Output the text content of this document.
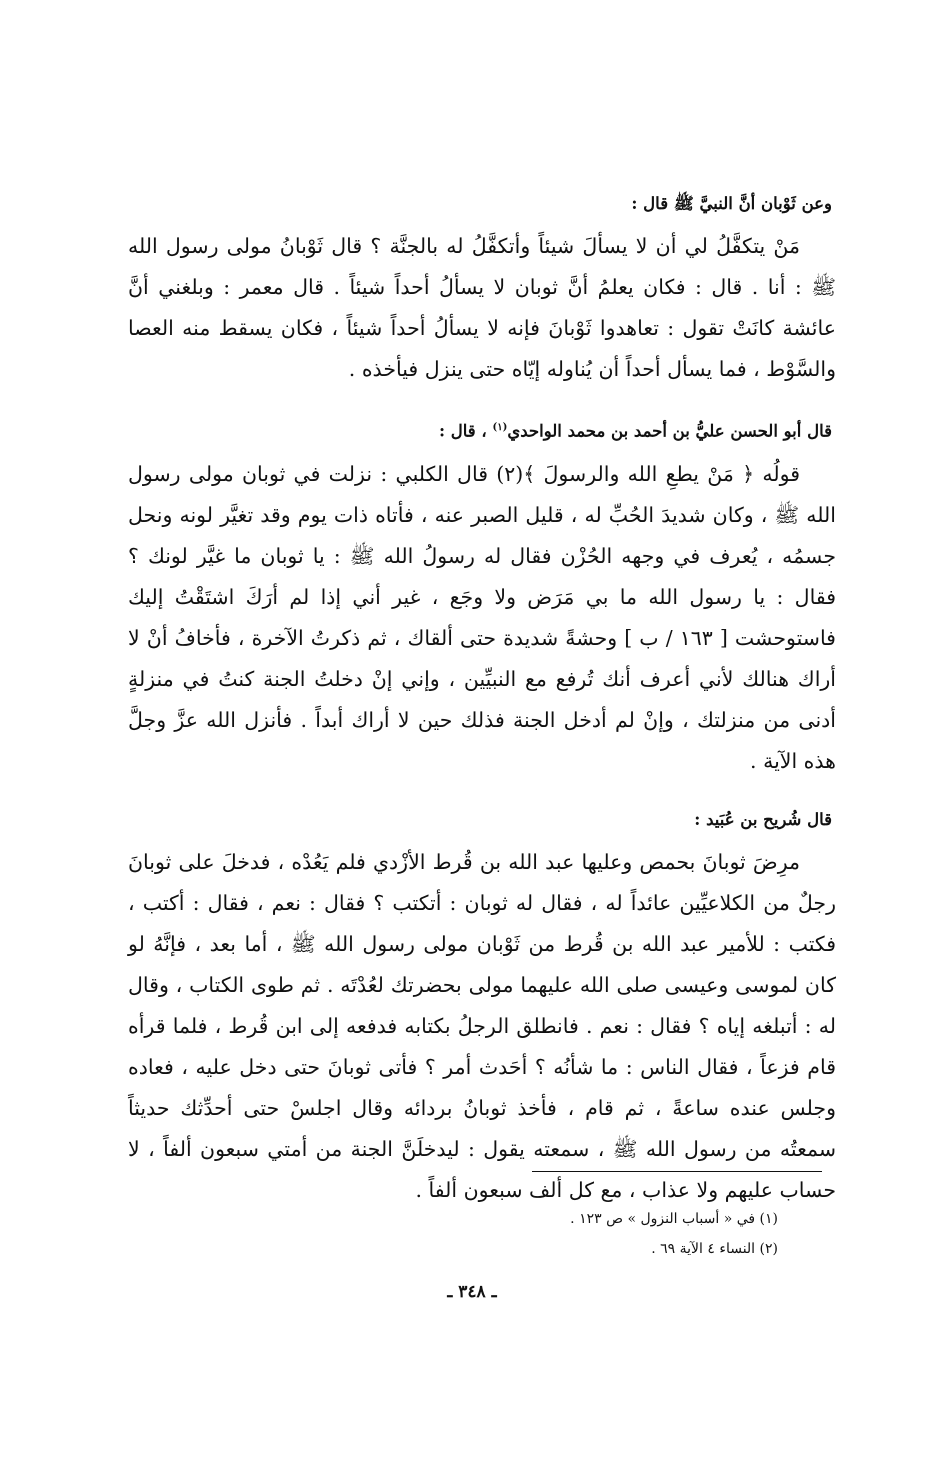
وعن ثَوْبان أنَّ النبيَّ ﷺ قال :

مَنْ يتكفَّلُ لي أن لا يسألَ شيئاً وأتكفَّلُ له بالجنَّة ؟ قال ثَوْبانُ مولى رسول الله ﷺ : أنا . قال : فكان يعلمُ أنَّ ثوبان لا يسألُ أحداً شيئاً . قال معمر : وبلغني أنَّ عائشة كانَتْ تقول : تعاهدوا ثَوْبانَ فإنه لا يسألُ أحداً شيئاً ، فكان يسقط منه العصا والسَّوْط ، فما يسأل أحداً أن يُناوله إيّاه حتى ينزل فيأخذه .

قال أبو الحسن عليُّ بن أحمد بن محمد الواحدي$^{(١)}$ ، قال :

قولُه ﴿ مَنْ يطعِ الله والرسولَ ﴾(٢) قال الكلبي : نزلت في ثوبان مولى رسول الله ﷺ ، وكان شديدَ الحُبِّ له ، قليل الصبر عنه ، فأتاه ذات يوم وقد تغيَّر لونه ونحل جسمُه ، يُعرف في وجهه الحُزْن فقال له رسولُ الله ﷺ : يا ثوبان ما غيَّر لونك ؟ فقال : يا رسول الله ما بي مَرَض ولا وجَع ، غير أني إذا لم أرَكَ اشتَقْتُ إليك فاستوحشت [ ١٦٣ / ب ] وحشةً شديدة حتى ألقاك ، ثم ذكرتُ الآخرة ، فأخافُ أنْ لا أراك هنالك لأني أعرف أنك تُرفع مع النبيِّين ، وإني إنْ دخلتُ الجنة كنتُ في منزلةٍ أدنى من منزلتك ، وإنْ لم أدخل الجنة فذلك حين لا أراك أبداً . فأنزل الله عزَّ وجلَّ هذه الآية .

قال شُريح بن عُبَيد :

مرِضَ ثوبانَ بحمص وعليها عبد الله بن قُرط الأزْدي فلم يَعُدْه ، فدخلَ على ثوبانَ رجلٌ من الكلاعيِّين عائداً له ، فقال له ثوبان : أتكتب ؟ فقال : نعم ، فقال : أكتب ، فكتب : للأمير عبد الله بن قُرط من ثَوْبان مولى رسول الله ﷺ ، أما بعد ، فإنَّهُ لو كان لموسى وعيسى صلى الله عليهما مولى بحضرتك لعُدْتَه . ثم طوى الكتاب ، وقال له : أتبلغه إياه ؟ فقال : نعم . فانطلق الرجلُ بكتابه فدفعه إلى ابن قُرط ، فلما قرأه قام فزعاً ، فقال الناس : ما شأنُه ؟ أحَدث أمر ؟ فأتى ثوبانَ حتى دخل عليه ، فعاده وجلس عنده ساعةً ، ثم قام ، فأخذ ثوبانُ بردائه وقال اجلسْ حتى أحدِّثك حديثاً سمعتُه من رسول الله ﷺ ، سمعته يقول : ليدخلَنَّ الجنة من أمتي سبعون ألفاً ، لا حساب عليهم ولا عذاب ، مع كل ألف سبعون ألفاً .

(١) في « أسباب النزول » ص ١٢٣ .

(٢) النساء ٤ الآية ٦٩ .

ـ ٣٤٨ ـ
